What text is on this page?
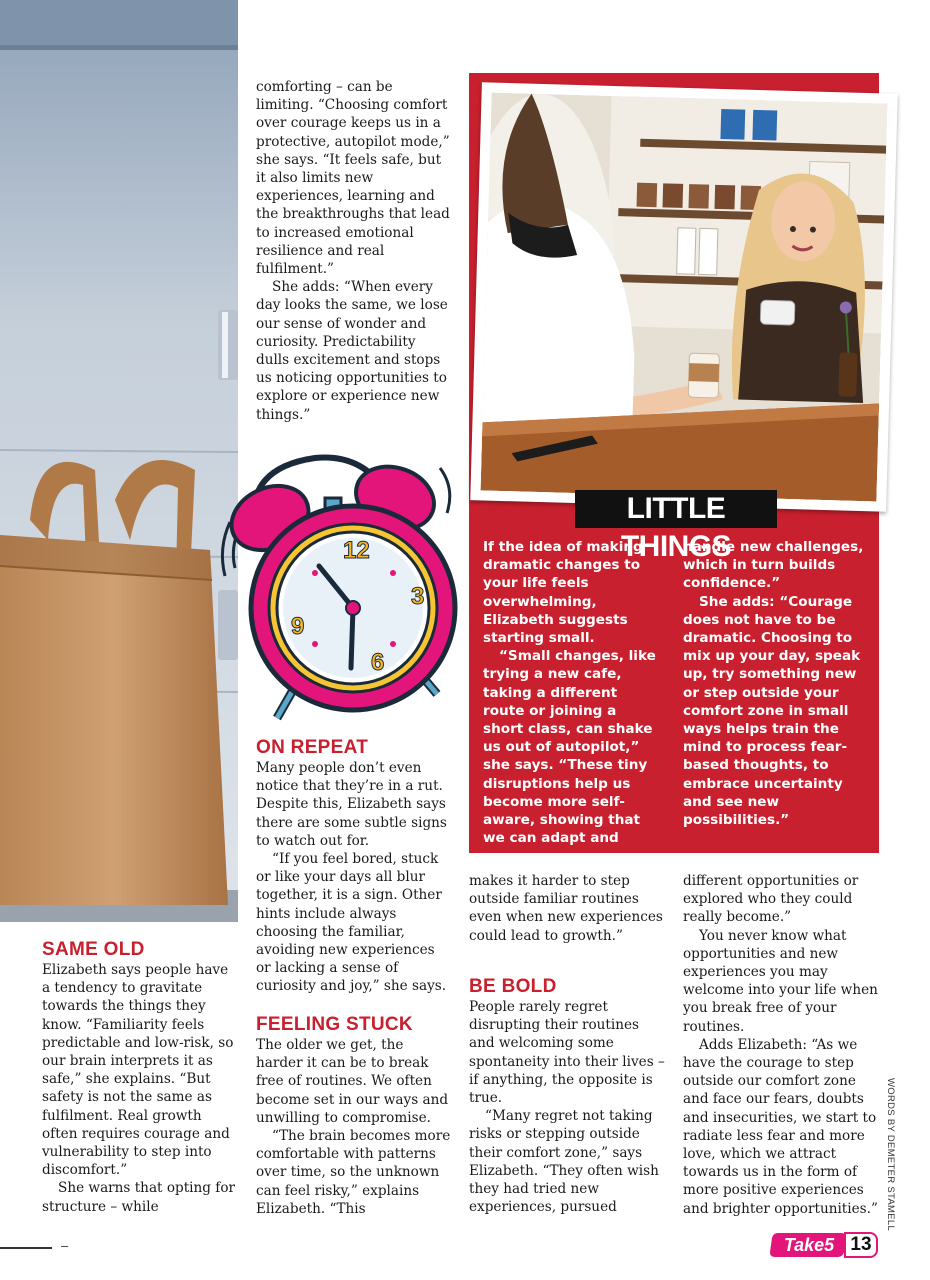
comforting – can be limiting. “Choosing comfort over courage keeps us in a protective, autopilot mode,” she says. “It feels safe, but it also limits new experiences, learning and the breakthroughs that lead to increased emotional resilience and real fulfilment.”

She adds: “When every day looks the same, we lose our sense of wonder and curiosity. Predictability dulls excitement and stops us noticing opportunities to explore or experience new things.”

12
3
6
9
ON REPEAT

Many people don’t even notice that they’re in a rut. Despite this, Elizabeth says there are some subtle signs to watch out for.

“If you feel bored, stuck or like your days all blur together, it is a sign. Other hints include always choosing the familiar, avoiding new experiences or lacking a sense of curiosity and joy,” she says.

FEELING STUCK

The older we get, the harder it can be to break free of routines. We often become set in our ways and unwilling to compromise.

“The brain becomes more comfortable with patterns over time, so the unknown can feel risky,” explains Elizabeth. “This

SAME OLD

Elizabeth says people have a tendency to gravitate towards the things they know. “Familiarity feels predictable and low-risk, so our brain interprets it as safe,” she explains. “But safety is not the same as fulfilment. Real growth often requires courage and vulnerability to step into discomfort.”

She warns that opting for structure – while

LITTLE THINGS

If the idea of making dramatic changes to your life feels overwhelming, Elizabeth suggests starting small.

“Small changes, like trying a new cafe, taking a different route or joining a short class, can shake us out of autopilot,” she says. “These tiny disruptions help us become more self-aware, showing that we can adapt and

handle new challenges, which in turn builds confidence.”

She adds: “Courage does not have to be dramatic. Choosing to mix up your day, speak up, try something new or step outside your comfort zone in small ways helps train the mind to process fear-based thoughts, to embrace uncertainty and see new possibilities.”

makes it harder to step outside familiar routines even when new experiences could lead to growth.”

BE BOLD

People rarely regret disrupting their routines and welcoming some spontaneity into their lives – if anything, the opposite is true.

“Many regret not taking risks or stepping outside their comfort zone,” says Elizabeth. “They often wish they had tried new experiences, pursued

different opportunities or explored who they could really become.”

You never know what opportunities and new experiences you may welcome into your life when you break free of your routines.

Adds Elizabeth: “As we have the courage to step outside our comfort zone and face our fears, doubts and insecurities, we start to radiate less fear and more love, which we attract towards us in the form of more positive experiences and brighter opportunities.” WORDS BY DEMETER STAMELL
–	Take5 13
